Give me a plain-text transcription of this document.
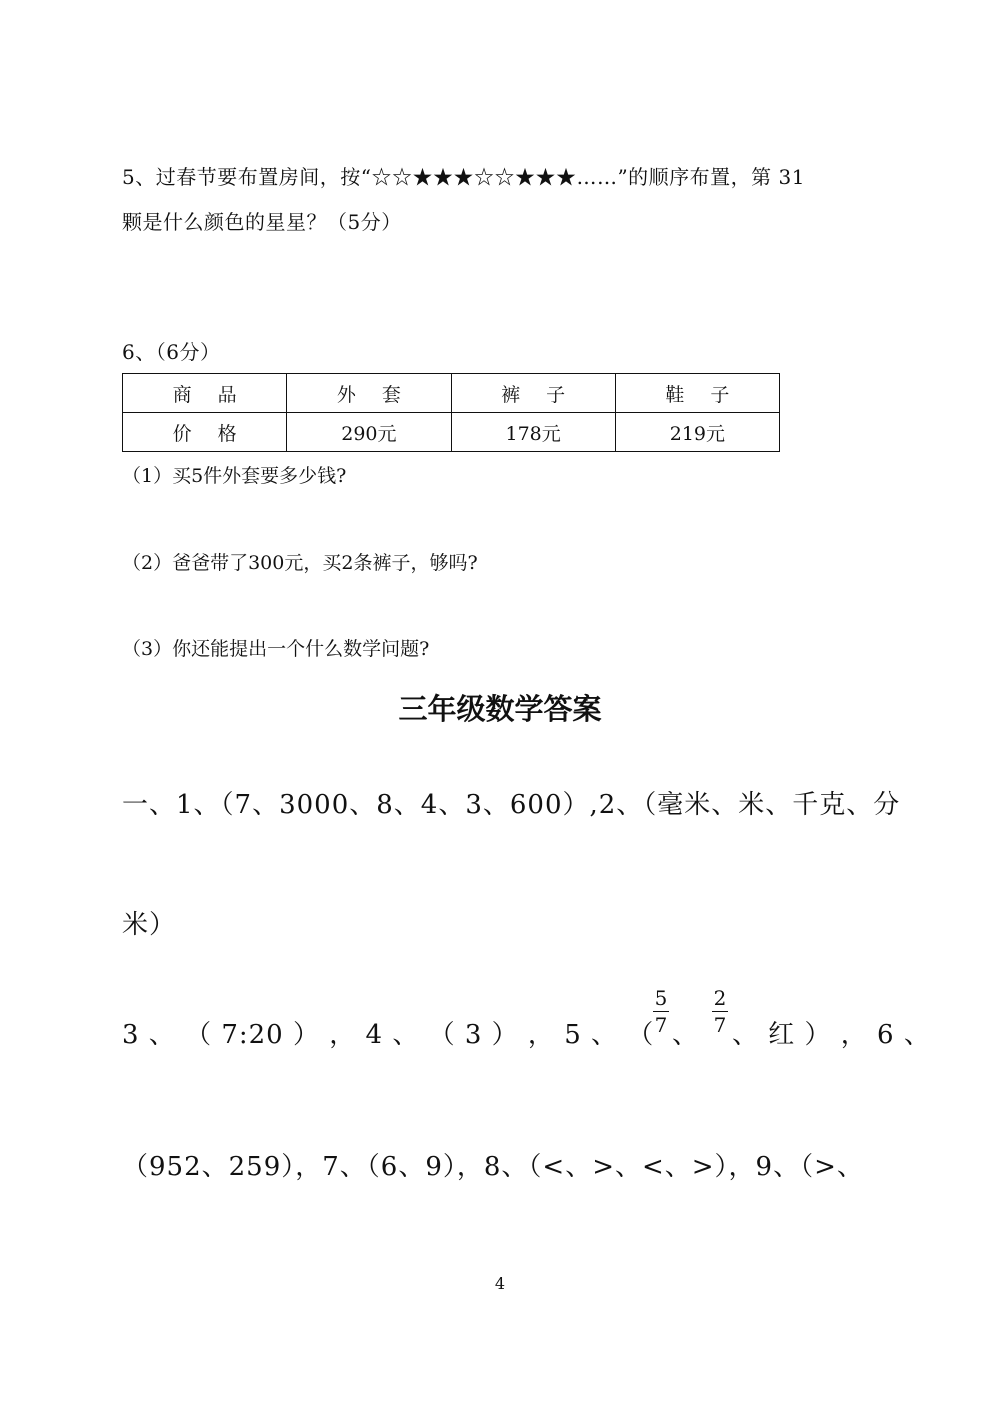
5、过春节要布置房间，按“☆☆★★★☆☆★★★……”的顺序布置，第 31
颗是什么颜色的星星？（5分）
6、（6分）
商品	外套	裤子	鞋子
价格	290元	178元	219元
（1）买5件外套要多少钱?
（2）爸爸带了300元，买2条裤子，够吗?
（3）你还能提出一个什么数学问题?
三年级数学答案
一、1、（7、3000、8、4、3、600）,2、（毫米、米、千克、分
米）
3 、 （ 7:20 ） ， 4 、 （ 3 ） ， 5 、 （
5
7 、
2
7 、 红 ） ， 6 、
（952、259），7、（6、9），8、（<、>、<、>），9、（>、
4
